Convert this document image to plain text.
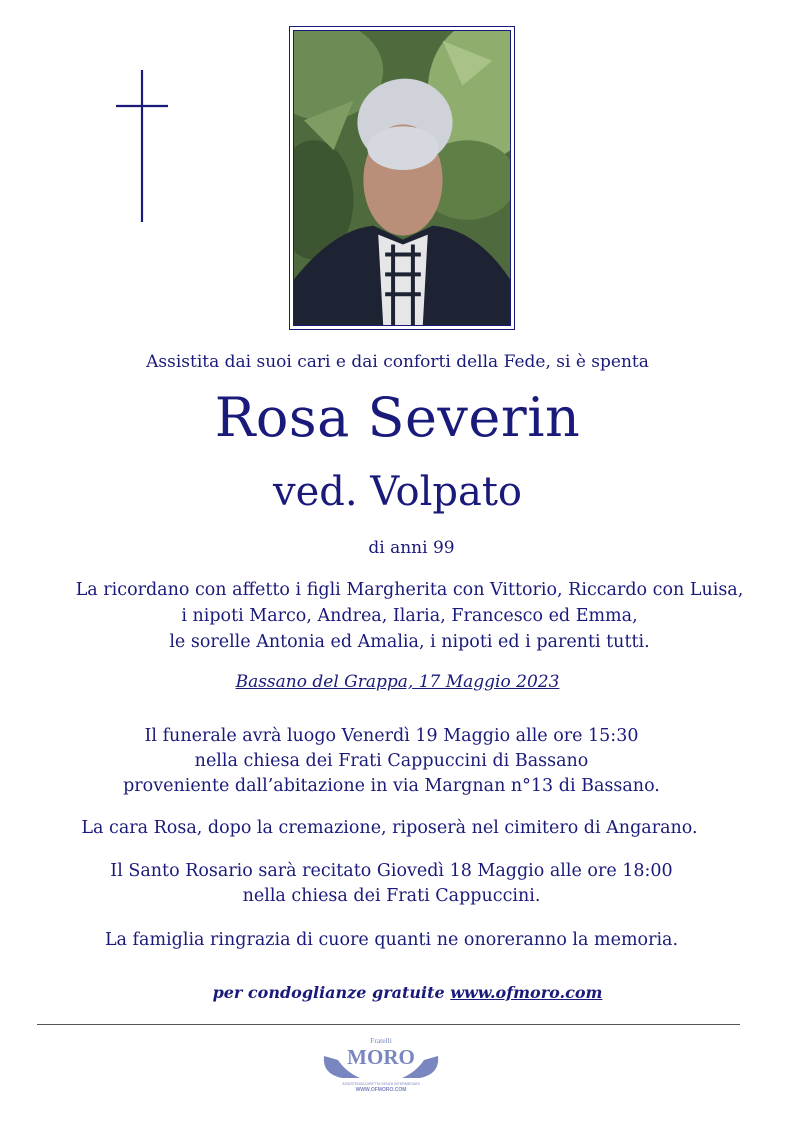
Assistita dai suoi cari e dai conforti della Fede, si è spenta
Rosa Severin
ved. Volpato
di anni 99
La ricordano con affetto i figli Margherita con Vittorio, Riccardo con Luisa,
i nipoti Marco, Andrea, Ilaria, Francesco ed Emma,
le sorelle Antonia ed Amalia, i nipoti ed i parenti tutti.
Bassano del Grappa, 17 Maggio 2023
Il funerale avrà luogo Venerdì 19 Maggio alle ore 15:30
nella chiesa dei Frati Cappuccini di Bassano
proveniente dall’abitazione in via Margnan n°13 di Bassano.
La cara Rosa, dopo la cremazione, riposerà nel cimitero di Angarano.
Il Santo Rosario sarà recitato Giovedì 18 Maggio alle ore 18:00
nella chiesa dei Frati Cappuccini.
La famiglia ringrazia di cuore quanti ne onoreranno la memoria.
per condoglianze gratuite www.ofmoro.com
Fratelli
MORO
ASSISTENZA DIRETTA SENZA INTERMEDIARI
WWW.OFMORO.COM
